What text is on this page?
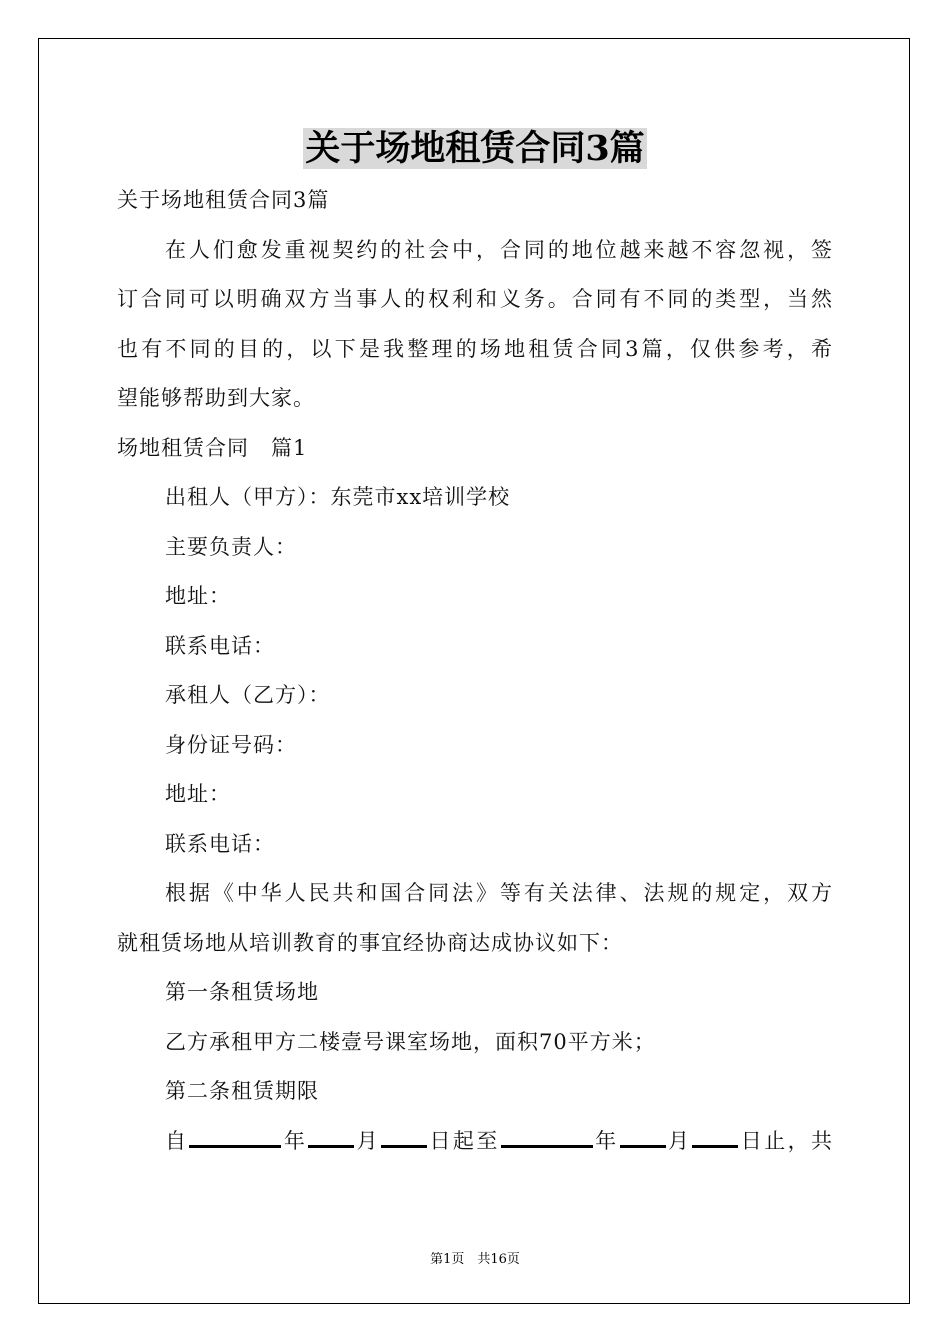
关于场地租赁合同3篇

关于场地租赁合同3篇

在人们愈发重视契约的社会中，合同的地位越来越不容忽视，签

订合同可以明确双方当事人的权利和义务。合同有不同的类型，当然

也有不同的目的，以下是我整理的场地租赁合同3篇，仅供参考，希

望能够帮助到大家。

场地租赁合同　篇1

出租人（甲方）：东莞市xx培训学校

主要负责人：

地址：

联系电话：

承租人（乙方）：

身份证号码：

地址：

联系电话：

根据《中华人民共和国合同法》等有关法律、法规的规定，双方

就租赁场地从培训教育的事宜经协商达成协议如下：

第一条租赁场地

乙方承租甲方二楼壹号课室场地，面积70平方米；

第二条租赁期限

自	年 月 日起至	年 月 日止，共

第1页　共16页
